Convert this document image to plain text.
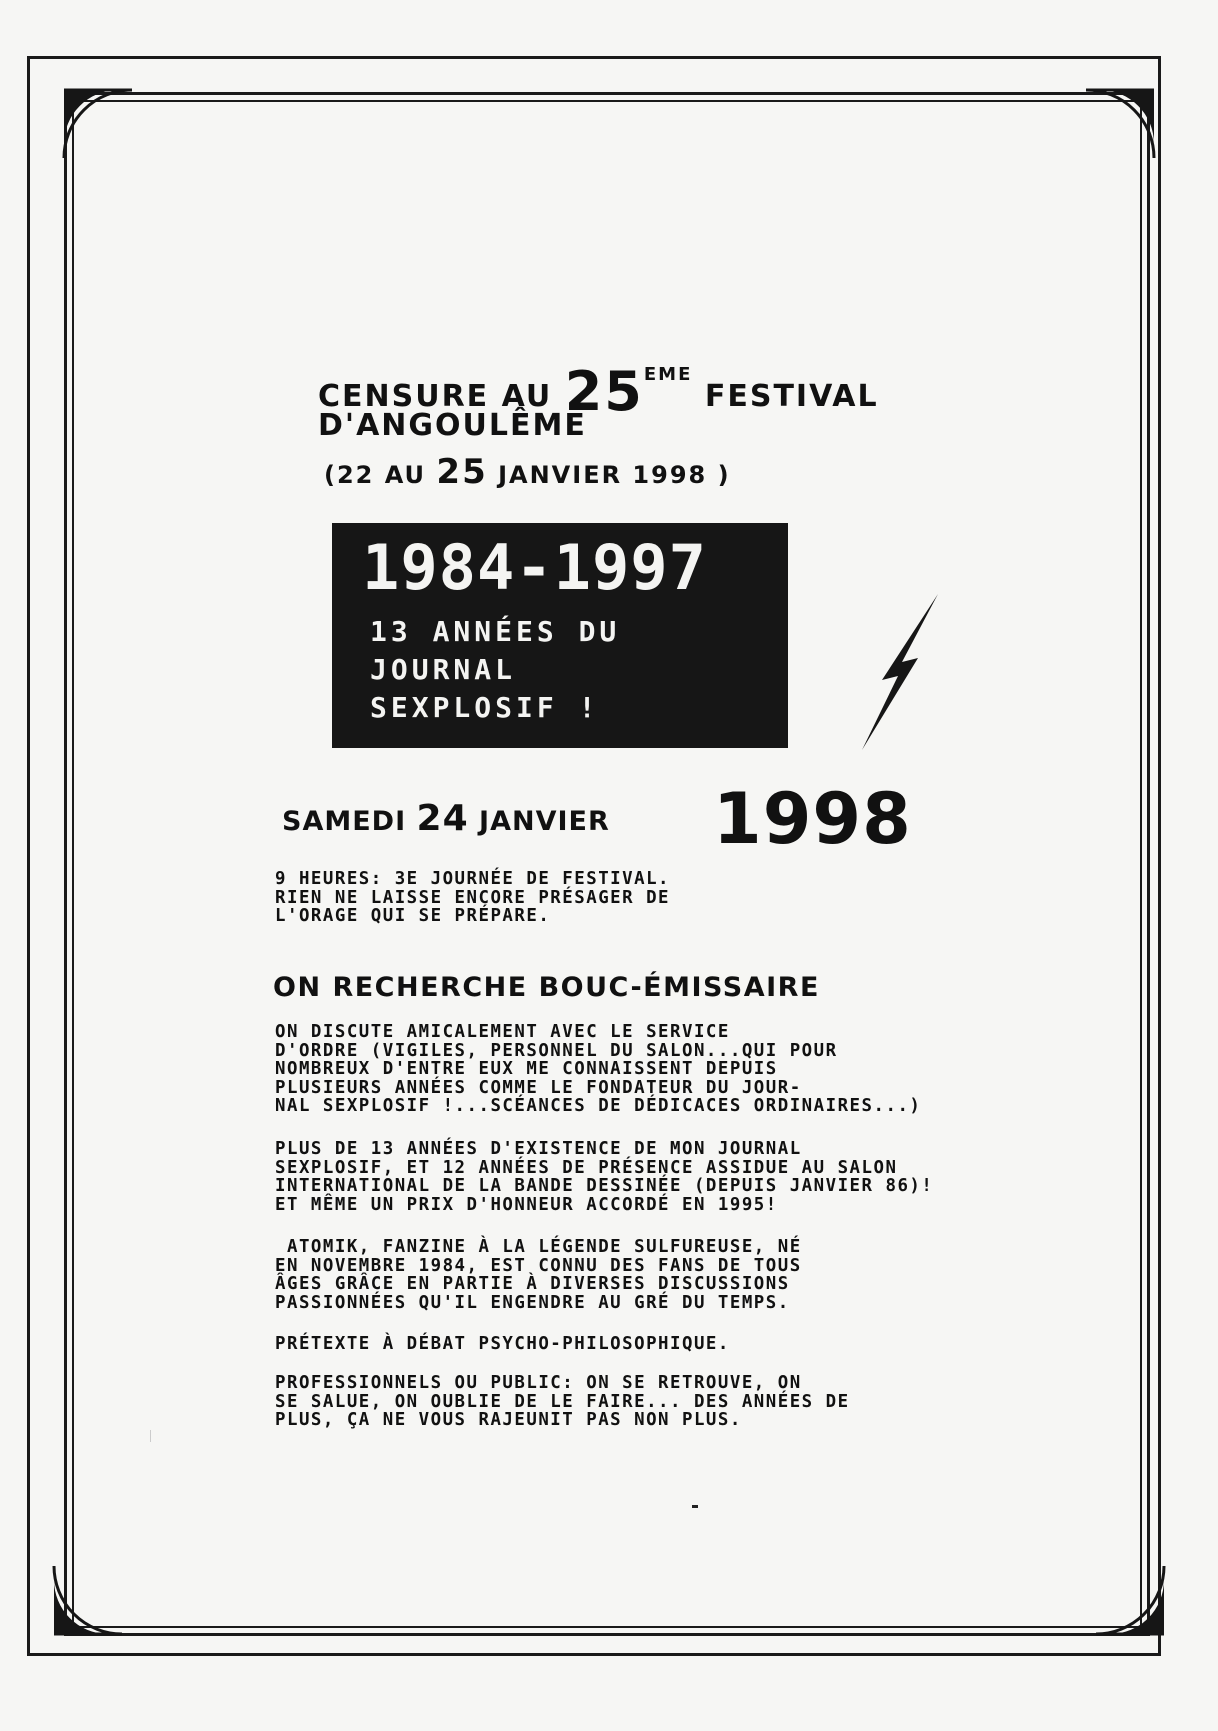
CENSURE AU 25EME FESTIVAL
D'ANGOULÊME
(22 AU 25 JANVIER 1998 )
1984-1997
13 ANNÉES DU
JOURNAL
SEXPLOSIF !
SAMEDI 24 JANVIER 1998
9 HEURES: 3E JOURNÉE DE FESTIVAL.
RIEN NE LAISSE ENCORE PRÉSAGER DE
L'ORAGE QUI SE PRÉPARE.
ON RECHERCHE BOUC-ÉMISSAIRE
ON DISCUTE AMICALEMENT AVEC LE SERVICE
D'ORDRE (VIGILES, PERSONNEL DU SALON...QUI POUR
NOMBREUX D'ENTRE EUX ME CONNAISSENT DEPUIS
PLUSIEURS ANNÉES COMME LE FONDATEUR DU JOUR-
NAL SEXPLOSIF !...SCÉANCES DE DÉDICACES ORDINAIRES...)
PLUS DE 13 ANNÉES D'EXISTENCE DE MON JOURNAL
SEXPLOSIF, ET 12 ANNÉES DE PRÉSENCE ASSIDUE AU SALON
INTERNATIONAL DE LA BANDE DESSINÉE (DEPUIS JANVIER 86)!
ET MÊME UN PRIX D'HONNEUR ACCORDÉ EN 1995!
ATOMIK, FANZINE À LA LÉGENDE SULFUREUSE, NÉ
EN NOVEMBRE 1984, EST CONNU DES FANS DE TOUS
ÂGES GRÂCE EN PARTIE À DIVERSES DISCUSSIONS
PASSIONNÉES QU'IL ENGENDRE AU GRÉ DU TEMPS.
PRÉTEXTE À DÉBAT PSYCHO-PHILOSOPHIQUE.
PROFESSIONNELS OU PUBLIC: ON SE RETROUVE, ON
SE SALUE, ON OUBLIE DE LE FAIRE... DES ANNÉES DE
PLUS, ÇA NE VOUS RAJEUNIT PAS NON PLUS.
